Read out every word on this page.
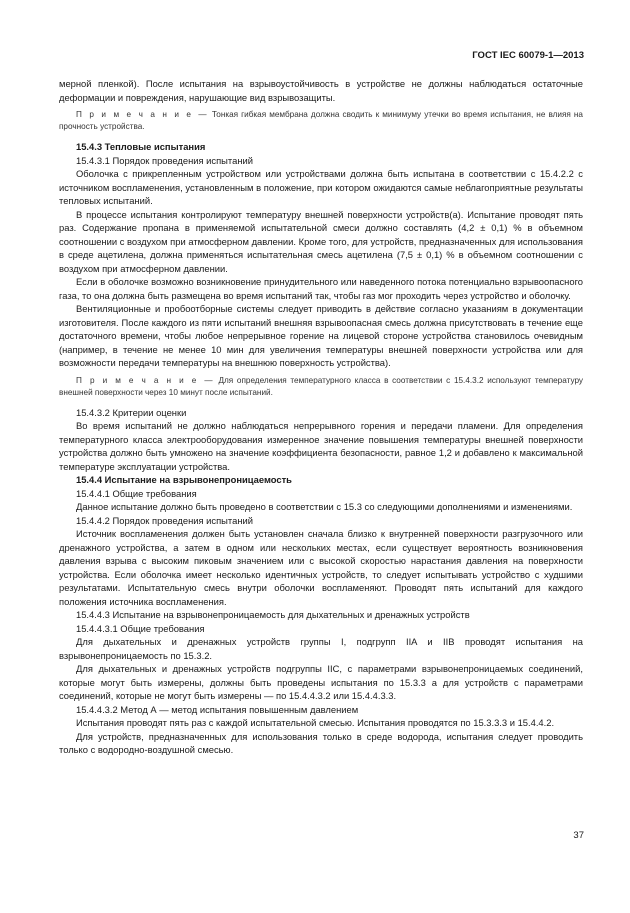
ГОСТ IEC 60079-1—2013

мерной пленкой). После испытания на взрывоустойчивость в устройстве не должны наблюдаться остаточные деформации и повреждения, нарушающие вид взрывозащиты.

П р и м е ч а н и е — Тонкая гибкая мембрана должна сводить к минимуму утечки во время испытания, не влияя на прочность устройства.

15.4.3 Тепловые испытания

15.4.3.1 Порядок проведения испытаний

Оболочка с прикрепленным устройством или устройствами должна быть испытана в соответствии с 15.4.2.2 с источником воспламенения, установленным в положение, при котором ожидаются самые неблагоприятные результаты тепловых испытаний.

В процессе испытания контролируют температуру внешней поверхности устройств(а). Испытание проводят пять раз. Содержание пропана в применяемой испытательной смеси должно составлять (4,2 ± 0,1) % в объемном соотношении с воздухом при атмосферном давлении. Кроме того, для устройств, предназначенных для использования в среде ацетилена, должна применяться испытательная смесь ацетилена (7,5 ± 0,1) % в объемном соотношении с воздухом при атмосферном давлении.

Если в оболочке возможно возникновение принудительного или наведенного потока потенциально взрывоопасного газа, то она должна быть размещена во время испытаний так, чтобы газ мог проходить через устройство и оболочку.

Вентиляционные и пробоотборные системы следует приводить в действие согласно указаниям в документации изготовителя. После каждого из пяти испытаний внешняя взрывоопасная смесь должна присутствовать в течение еще достаточного времени, чтобы любое непрерывное горение на лицевой стороне устройства становилось очевидным (например, в течение не менее 10 мин для увеличения температуры внешней поверхности устройства или для возможности передачи температуры на внешнюю поверхность устройства).

П р и м е ч а н и е — Для определения температурного класса в соответствии с 15.4.3.2 используют температуру внешней поверхности через 10 минут после испытаний.

15.4.3.2 Критерии оценки

Во время испытаний не должно наблюдаться непрерывного горения и передачи пламени. Для определения температурного класса электрооборудования измеренное значение повышения температуры внешней поверхности устройства должно быть умножено на значение коэффициента безопасности, равное 1,2 и добавлено к максимальной температуре эксплуатации устройства.

15.4.4 Испытание на взрывонепроницаемость

15.4.4.1 Общие требования

Данное испытание должно быть проведено в соответствии с 15.3 со следующими дополнениями и изменениями.

15.4.4.2 Порядок проведения испытаний

Источник воспламенения должен быть установлен сначала близко к внутренней поверхности разгрузочного или дренажного устройства, а затем в одном или нескольких местах, если существует вероятность возникновения давления взрыва с высоким пиковым значением или с высокой скоростью нарастания давления на поверхности устройства. Если оболочка имеет несколько идентичных устройств, то следует испытывать устройство с худшими результатами. Испытательную смесь внутри оболочки воспламеняют. Проводят пять испытаний для каждого положения источника воспламенения.

15.4.4.3 Испытание на взрывонепроницаемость для дыхательных и дренажных устройств

15.4.4.3.1 Общие требования

Для дыхательных и дренажных устройств группы I, подгрупп IIA и IIB проводят испытания на взрывонепроницаемость по 15.3.2.

Для дыхательных и дренажных устройств подгруппы IIC, с параметрами взрывонепроницаемых соединений, которые могут быть измерены, должны быть проведены испытания по 15.3.3 а для устройств с параметрами соединений, которые не могут быть измерены — по 15.4.4.3.2 или 15.4.4.3.3.

15.4.4.3.2 Метод А — метод испытания повышенным давлением

Испытания проводят пять раз с каждой испытательной смесью. Испытания проводятся по 15.3.3.3 и 15.4.4.2.

Для устройств, предназначенных для использования только в среде водорода, испытания следует проводить только с водородно-воздушной смесью.

37
